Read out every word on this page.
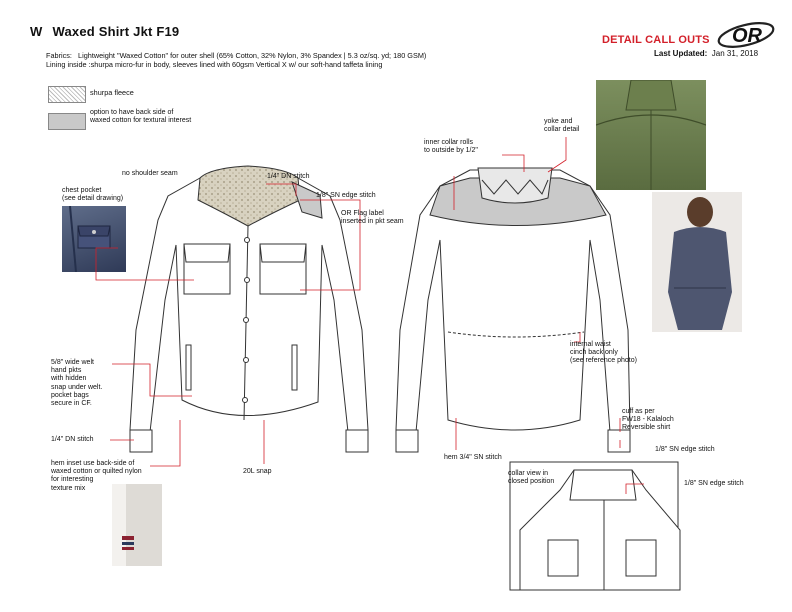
W Waxed Shirt Jkt F19
Fabrics:   Lightweight "Waxed Cotton" for outer shell (65% Cotton, 32% Nylon, 3% Spandex | 5.3 oz/sq. yd; 180 GSM)
Lining inside :shurpa micro-fur in body, sleeves lined with 60gsm Vertical X w/ our soft-hand taffeta lining
DETAIL CALL OUTS
Last Updated: Jan 31, 2018
OR
shurpa fleece
option to have back side of
waxed cotton for textural interest
no shoulder seam
chest pocket
(see detail drawing)
1/4" DN stitch
1/8" SN edge stitch
OR Flag label
inserted in pkt seam
inner collar rolls
to outside by 1/2"
yoke and
collar detail
5/8" wide welt
hand pkts
with hidden
snap under welt.
pocket bags
secure in CF.
1/4" DN stitch
hem inset use back-side of
waxed cotton or quilted nylon
for interesting
texture mix
20L snap
internal waist
cinch back only
(see reference photo)
cuff as per
FW18 - Kalaloch
Reversible shirt
1/8" SN edge stitch
hem 3/4" SN stitch
collar view in
closed position	1/8" SN edge stitch
